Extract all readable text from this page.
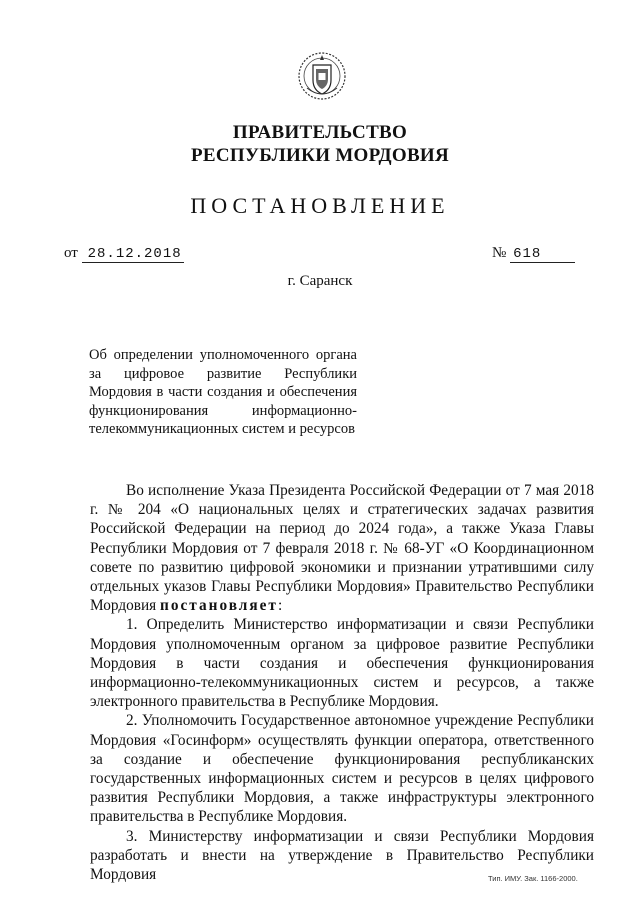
ПРАВИТЕЛЬСТВО
РЕСПУБЛИКИ МОРДОВИЯ
ПОСТАНОВЛЕНИЕ
от 28.12.2018	№ 618
г. Саранск
Об определении уполномоченного органа за цифровое развитие Республики Мордовия в части создания и обеспечения функционирования информационно-телекоммуникационных систем и ресурсов

Во исполнение Указа Президента Российской Федерации от 7 мая 2018 г. № 204 «О национальных целях и стратегических задачах развития Российской Федерации на период до 2024 года», а также Указа Главы Республики Мордовия от 7 февраля 2018 г. № 68-УГ «О Координационном совете по развитию цифровой экономики и признании утратившими силу отдельных указов Главы Республики Мордовия» Правительство Республики Мордовия постановляет:

1. Определить Министерство информатизации и связи Республики Мордовия уполномоченным органом за цифровое развитие Республики Мордовия в части создания и обеспечения функционирования информационно-телекоммуникационных систем и ресурсов, а также электронного правительства в Республике Мордовия.

2. Уполномочить Государственное автономное учреждение Республики Мордовия «Госинформ» осуществлять функции оператора, ответственного за создание и обеспечение функционирования республиканских государственных информационных систем и ресурсов в целях цифрового развития Республики Мордовия, а также инфраструктуры электронного правительства в Республике Мордовия.

3. Министерству информатизации и связи Республики Мордовия разработать и внести на утверждение в Правительство Республики Мордовия	Тип. ИМУ. Зак. 1166-2000.
